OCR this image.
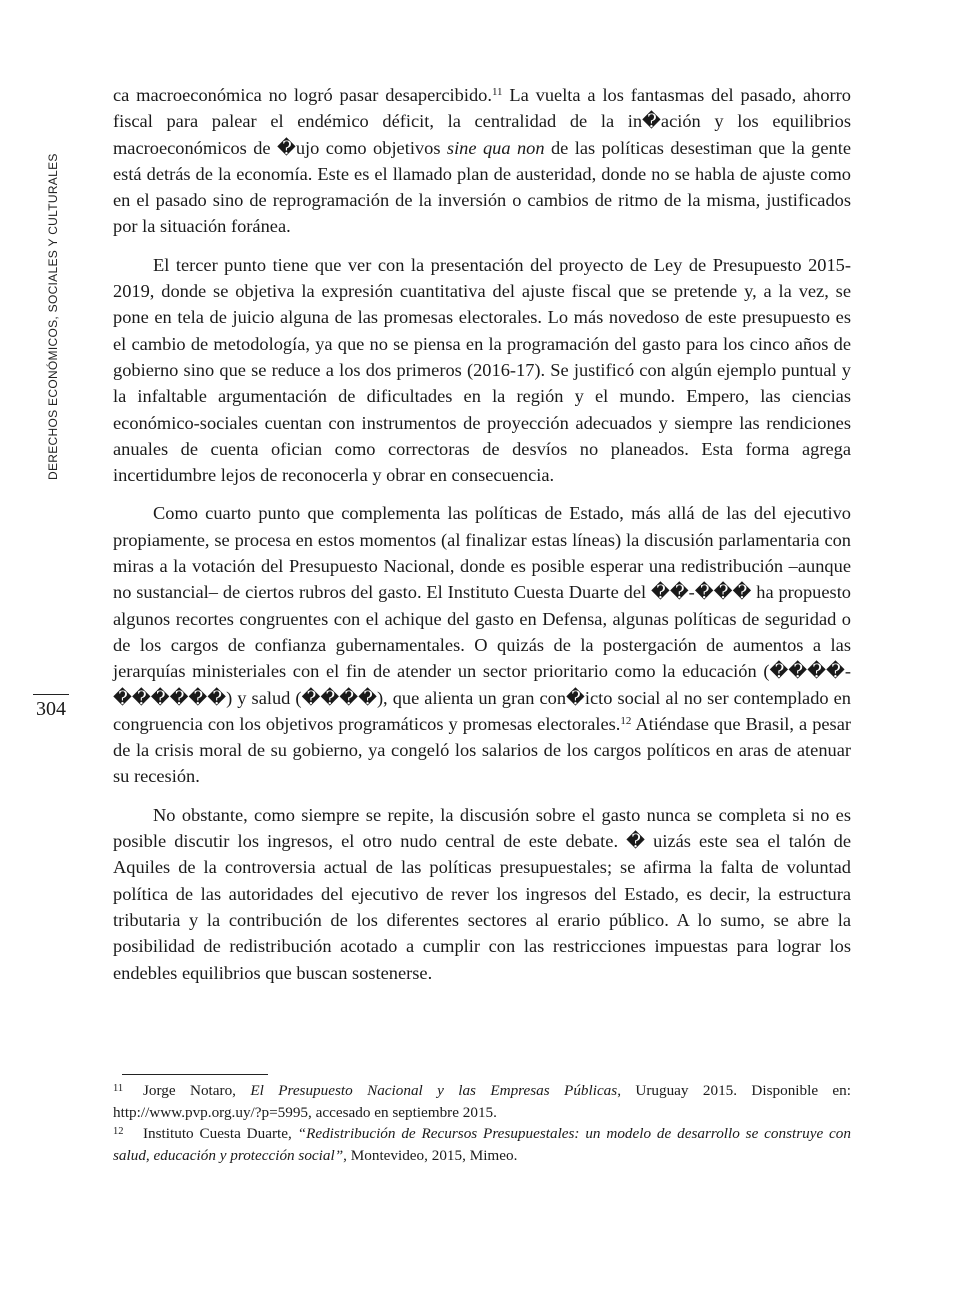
DERECHOS ECONÓMICOS, SOCIALES Y CULTURALES
304

ca macroeconómica no logró pasar desapercibido.$^{11}$ La vuelta a los fantasmas del pasado, ahorro fiscal para palear el endémico déficit, la centralidad de la in�ación y los equilibrios macroeconómicos de �ujo como objetivos sine qua non de las políticas desestiman que la gente está detrás de la economía. Este es el llamado plan de austeridad, donde no se habla de ajuste como en el pasado sino de reprogramación de la inversión o cambios de ritmo de la misma, justificados por la situación foránea.

El tercer punto tiene que ver con la presentación del proyecto de Ley de Presupuesto 2015-2019, donde se objetiva la expresión cuantitativa del ajuste fiscal que se pretende y, a la vez, se pone en tela de juicio alguna de las promesas electorales. Lo más novedoso de este presupuesto es el cambio de metodología, ya que no se piensa en la programación del gasto para los cinco años de gobierno sino que se reduce a los dos primeros (2016-17). Se justificó con algún ejemplo puntual y la infaltable argumentación de dificultades en la región y el mundo. Empero, las ciencias económico-sociales cuentan con instrumentos de proyección adecuados y siempre las rendiciones anuales de cuenta ofician como correctoras de desvíos no planeados. Esta forma agrega incertidumbre lejos de reconocerla y obrar en consecuencia.

Como cuarto punto que complementa las políticas de Estado, más allá de las del ejecutivo propiamente, se procesa en estos momentos (al finalizar estas líneas) la discusión parlamentaria con miras a la votación del Presupuesto Nacional, donde es posible esperar una redistribución –aunque no sustancial– de ciertos rubros del gasto. El Instituto Cuesta Duarte del ��-��� ha propuesto algunos recortes congruentes con el achique del gasto en Defensa, algunas políticas de seguridad o de los cargos de confianza gubernamentales. O quizás de la postergación de aumentos a las jerarquías ministeriales con el fin de atender un sector prioritario como la educación (����-������) y salud (����), que alienta un gran con�icto social al no ser contemplado en congruencia con los objetivos programáticos y promesas electorales.$^{12}$ Atiéndase que Brasil, a pesar de la crisis moral de su gobierno, ya congeló los salarios de los cargos políticos en aras de atenuar su recesión.

No obstante, como siempre se repite, la discusión sobre el gasto nunca se completa si no es posible discutir los ingresos, el otro nudo central de este debate. � uizás este sea el talón de Aquiles de la controversia actual de las políticas presupuestales; se afirma la falta de voluntad política de las autoridades del ejecutivo de rever los ingresos del Estado, es decir, la estructura tributaria y la contribución de los diferentes sectores al erario público. A lo sumo, se abre la posibilidad de redistribución acotado a cumplir con las restricciones impuestas para lograr los endebles equilibrios que buscan sostenerse.

11 Jorge Notaro, El Presupuesto Nacional y las Empresas Públicas, Uruguay 2015. Disponible en: http://www.pvp.org.uy/?p=5995, accesado en septiembre 2015.

12 Instituto Cuesta Duarte, “Redistribución de Recursos Presupuestales: un modelo de desarrollo se construye con salud, educación y protección social”, Montevideo, 2015, Mimeo.
